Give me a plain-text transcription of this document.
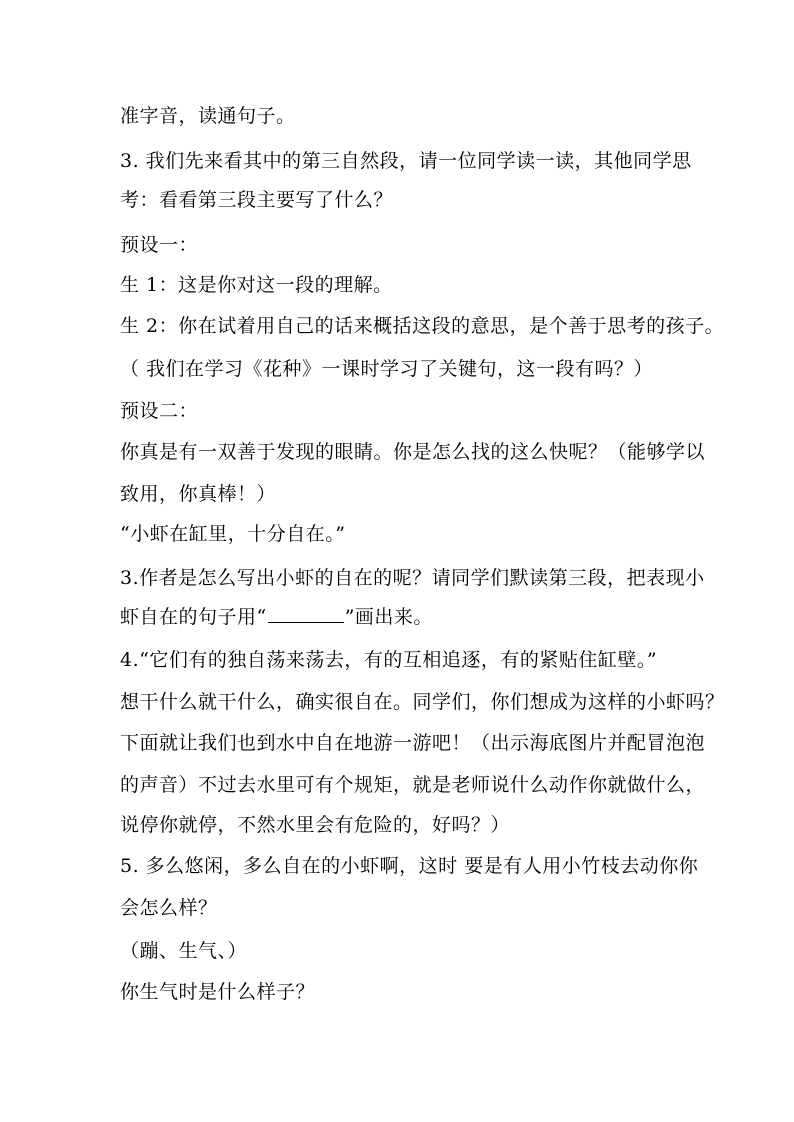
准字音，读通句子。
3. 我们先来看其中的第三自然段，请一位同学读一读，其他同学思
考：看看第三段主要写了什么？
预设一：
生 1：这是你对这一段的理解。
生 2：你在试着用自己的话来概括这段的意思，是个善于思考的孩子。
（ 我们在学习《花种》一课时学习了关键句，这一段有吗？）
预设二：
你真是有一双善于发现的眼睛。你是怎么找的这么快呢？（能够学以
致用，你真棒！）
“小虾在缸里，十分自在。”
3.作者是怎么写出小虾的自在的呢？请同学们默读第三段，把表现小
虾自在的句子用“	”画出来。
4.“它们有的独自荡来荡去，有的互相追逐，有的紧贴住缸壁。”
想干什么就干什么，确实很自在。同学们，你们想成为这样的小虾吗？
下面就让我们也到水中自在地游一游吧！（出示海底图片并配冒泡泡
的声音）不过去水里可有个规矩，就是老师说什么动作你就做什么，
说停你就停，不然水里会有危险的，好吗？）
5. 多么悠闲，多么自在的小虾啊，这时 要是有人用小竹枝去动你你
会怎么样？
（蹦、生气、）
你生气时是什么样子？
